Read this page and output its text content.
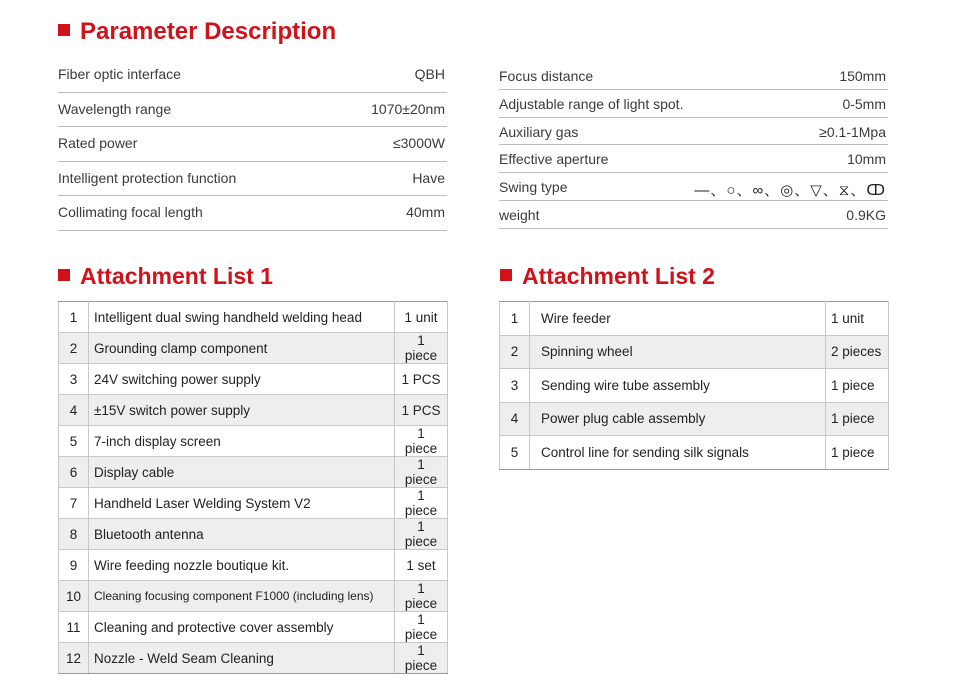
Parameter Description
Fiber optic interface	QBH
Wavelength range	1070±20nm
Rated power	≤3000W
Intelligent protection function	Have
Collimating focal length	40mm
Focus distance	150mm
Adjustable range of light spot.	0-5mm
Auxiliary gas	≥0.1-1Mpa
Effective aperture	10mm
Swing type	—、○、∞、◎、▽、⧖、ↀ
weight	0.9KG
Attachment List 1	Attachment List 2
1	Intelligent dual swing handheld welding head	1 unit
2	Grounding clamp component	1 piece
3	24V switching power supply	1 PCS
4	±15V switch power supply	1 PCS
5	7-inch display screen	1 piece
6	Display cable	1 piece
7	Handheld Laser Welding System V2	1 piece
8	Bluetooth antenna	1 piece
9	Wire feeding nozzle boutique kit.	1 set
10	Cleaning focusing component F1000 (including lens)	1 piece
11	Cleaning and protective cover assembly	1 piece
12	Nozzle - Weld Seam Cleaning	1 piece
1	Wire feeder	1 unit
2	Spinning wheel	2 pieces
3	Sending wire tube assembly	1 piece
4	Power plug cable assembly	1 piece
5	Control line for sending silk signals	1 piece
